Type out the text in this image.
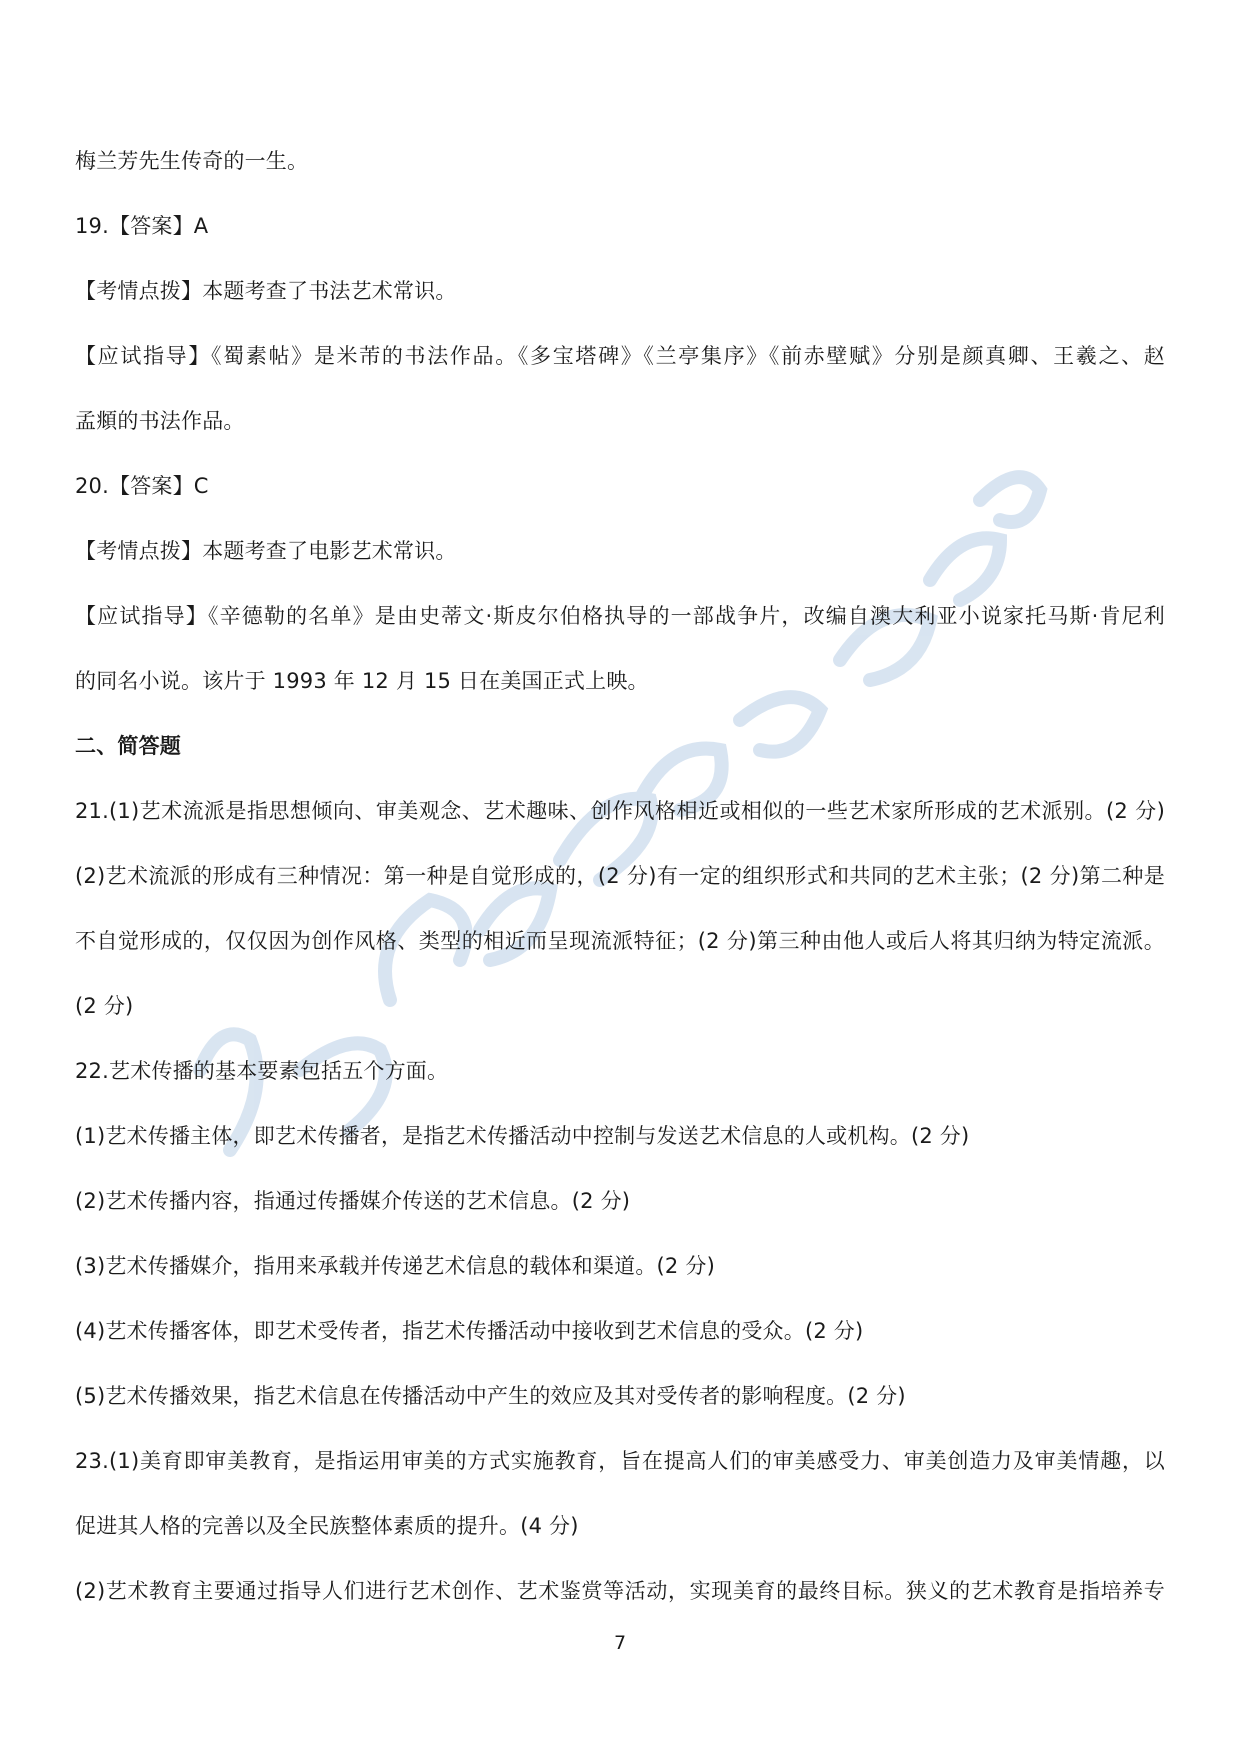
梅兰芳先生传奇的一生。
19.【答案】A
【考情点拨】本题考查了书法艺术常识。
【应试指导】《蜀素帖》是米芾的书法作品。《多宝塔碑》《兰亭集序》《前赤壁赋》分别是颜真卿、王羲之、赵
孟頫的书法作品。
20.【答案】C
【考情点拨】本题考查了电影艺术常识。
【应试指导】《辛德勒的名单》是由史蒂文·斯皮尔伯格执导的一部战争片，改编自澳大利亚小说家托马斯·肯尼利
的同名小说。该片于 1993 年 12 月 15 日在美国正式上映。
二、简答题
21.(1)艺术流派是指思想倾向、审美观念、艺术趣味、创作风格相近或相似的一些艺术家所形成的艺术派别。(2 分)
(2)艺术流派的形成有三种情况：第一种是自觉形成的，(2 分)有一定的组织形式和共同的艺术主张；(2 分)第二种是
不自觉形成的，仅仅因为创作风格、类型的相近而呈现流派特征；(2 分)第三种由他人或后人将其归纳为特定流派。
(2 分)
22.艺术传播的基本要素包括五个方面。
(1)艺术传播主体，即艺术传播者，是指艺术传播活动中控制与发送艺术信息的人或机构。(2 分)
(2)艺术传播内容，指通过传播媒介传送的艺术信息。(2 分)
(3)艺术传播媒介，指用来承载并传递艺术信息的载体和渠道。(2 分)
(4)艺术传播客体，即艺术受传者，指艺术传播活动中接收到艺术信息的受众。(2 分)
(5)艺术传播效果，指艺术信息在传播活动中产生的效应及其对受传者的影响程度。(2 分)
23.(1)美育即审美教育，是指运用审美的方式实施教育，旨在提高人们的审美感受力、审美创造力及审美情趣，以
促进其人格的完善以及全民族整体素质的提升。(4 分)
(2)艺术教育主要通过指导人们进行艺术创作、艺术鉴赏等活动，实现美育的最终目标。狭义的艺术教育是指培养专
7
